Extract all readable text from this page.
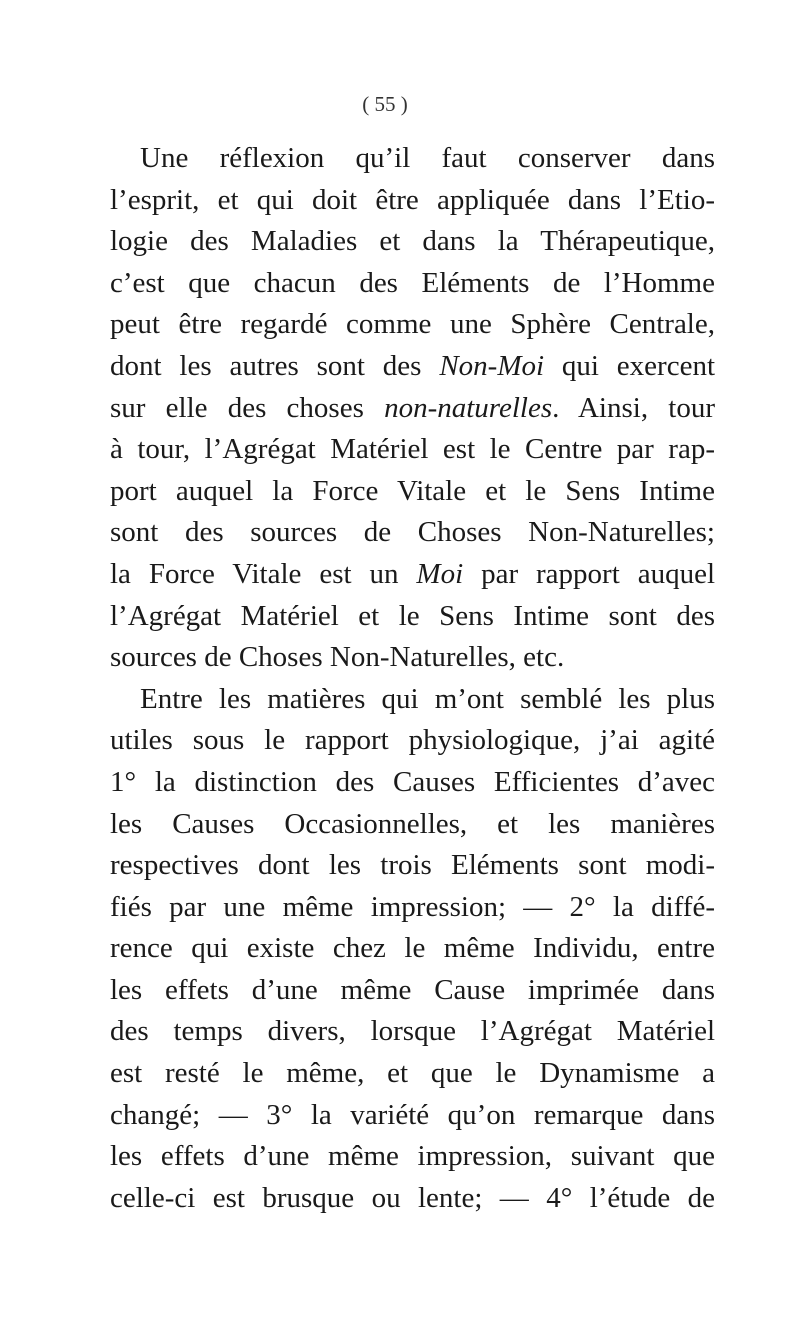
( 55 )
Une réflexion qu’il faut conserver dans
l’esprit, et qui doit être appliquée dans l’Etio-
logie des Maladies et dans la Thérapeutique,
c’est que chacun des Eléments de l’Homme
peut être regardé comme une Sphère Centrale,
dont les autres sont des Non-Moi qui exercent
sur elle des choses non-naturelles. Ainsi, tour
à tour, l’Agrégat Matériel est le Centre par rap-
port auquel la Force Vitale et le Sens Intime
sont des sources de Choses Non-Naturelles;
la Force Vitale est un Moi par rapport auquel
l’Agrégat Matériel et le Sens Intime sont des
sources de Choses Non-Naturelles, etc.
Entre les matières qui m’ont semblé les plus
utiles sous le rapport physiologique, j’ai agité
1° la distinction des Causes Efficientes d’avec
les Causes Occasionnelles, et les manières
respectives dont les trois Eléments sont modi-
fiés par une même impression; — 2° la diffé-
rence qui existe chez le même Individu, entre
les effets d’une même Cause imprimée dans
des temps divers, lorsque l’Agrégat Matériel
est resté le même, et que le Dynamisme a
changé; — 3° la variété qu’on remarque dans
les effets d’une même impression, suivant que
celle-ci est brusque ou lente; — 4° l’étude de
